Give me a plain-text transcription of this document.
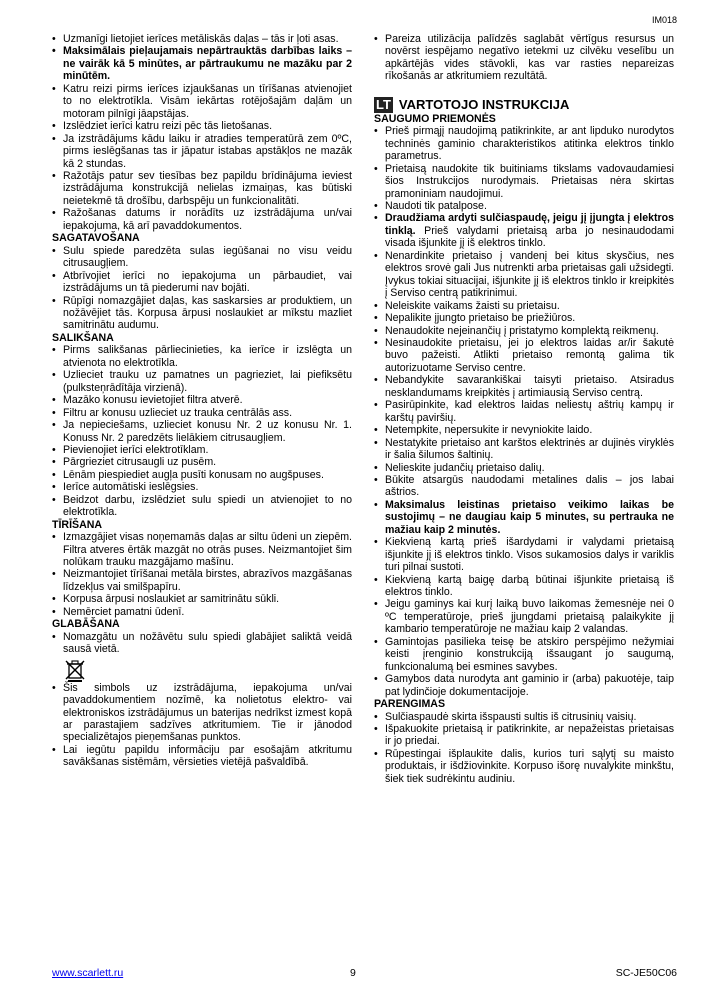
IM018
• Uzmanīgi lietojiet ierīces metāliskās daļas – tās ir ļoti asas.
• Maksimālais pieļaujamais nepārtrauktās darbības laiks – ne vairāk kā 5 minūtes, ar pārtraukumu ne mazāku par 2 minūtēm.
• Katru reizi pirms ierīces izjaukšanas un tīrīšanas atvienojiet to no elektrotīkla. Visām iekārtas rotējošajām daļām un motoram pilnīgi jāapstājas.
• Izslēdziet ierīci katru reizi pēc tās lietošanas.
• Ja izstrādājums kādu laiku ir atradies temperatūrā zem 0ºC, pirms ieslēgšanas tas ir jāpatur istabas apstākļos ne mazāk kā 2 stundas.
• Ražotājs patur sev tiesības bez papildu brīdinājuma ieviest izstrādājuma konstrukcijā nelielas izmaiņas, kas būtiski neietekmē tā drošību, darbspēju un funkcionalitāti.
• Ražošanas datums ir norādīts uz izstrādājuma un/vai iepakojuma, kā arī pavaddokumentos.
SAGATAVOŠANA
• Sulu spiede paredzēta sulas iegūšanai no visu veidu citrusaugļiem.
• Atbrīvojiet ierīci no iepakojuma un pārbaudiet, vai izstrādājums un tā piederumi nav bojāti.
• Rūpīgi nomazgājiet daļas, kas saskarsies ar produktiem, un nožāvējiet tās. Korpusa ārpusi noslaukiet ar mīkstu mazliet samitrinātu audumu.
SALIKŠANA
• Pirms salikšanas pārliecinieties, ka ierīce ir izslēgta un atvienota no elektrotīkla.
• Uzlieciet trauku uz pamatnes un pagrieziet, lai piefiksētu (pulksteņrādītāja virzienā).
• Mazāko konusu ievietojiet filtra atverē.
• Filtru ar konusu uzlieciet uz trauka centrālās ass.
• Ja nepieciešams, uzlieciet konusu Nr. 2 uz konusu Nr. 1. Konuss Nr. 2 paredzēts lielākiem citrusaugļiem.
• Pievienojiet ierīci elektrotīklam.
• Pārgrieziet citrusaugli uz pusēm.
• Lēnām piespiediet augļa pusīti konusam no augšpuses.
• Ierīce automātiski ieslēgsies.
• Beidzot darbu, izslēdziet sulu spiedi un atvienojiet to no elektrotīkla.
TĪRĪŠANA
• Izmazgājiet visas noņemamās daļas ar siltu ūdeni un ziepēm. Filtra atveres ērtāk mazgāt no otrās puses. Neizmantojiet šim nolūkam trauku mazgājamo mašīnu.
• Neizmantojiet tīrīšanai metāla birstes, abrazīvos mazgāšanas līdzekļus vai smilšpapīru.
• Korpusa ārpusi noslaukiet ar samitrinātu sūkli.
• Nemērciet pamatni ūdenī.
GLABĀŠANA
• Nomazgātu un nožāvētu sulu spiedi glabājiet saliktā veidā sausā vietā.
• Šis simbols uz izstrādājuma, iepakojuma un/vai pavaddokumentiem nozīmē, ka nolietotus elektro- vai elektroniskos izstrādājumus un baterijas nedrīkst izmest kopā ar parastajiem sadzīves atkritumiem. Tie ir jānodod specializētajos pieņemšanas punktos.
• Lai iegūtu papildu informāciju par esošajām atkritumu savākšanas sistēmām, vērsieties vietējā pašvaldībā.
• Pareiza utilizācija palīdzēs saglabāt vērtīgus resursus un novērst iespējamo negatīvo ietekmi uz cilvēku veselību un apkārtējās vides stāvokli, kas var rasties nepareizas rīkošanās ar atkritumiem rezultātā.
LT VARTOTOJO INSTRUKCIJA
SAUGUMO PRIEMONĖS
• Prieš pirmąjį naudojimą patikrinkite, ar ant lipduko nurodytos techninės gaminio charakteristikos atitinka elektros tinklo parametrus.
• Prietaisą naudokite tik buitiniams tikslams vadovaudamiesi šios Instrukcijos nurodymais. Prietaisas nėra skirtas pramoniniam naudojimui.
• Naudoti tik patalpose.
• Draudžiama ardyti sulčiaspaudę, jeigu jį įjungta į elektros tinklą. Prieš valydami prietaisą arba jo nesinaudodami visada išjunkite jį iš elektros tinklo.
• Nenardinkite prietaiso į vandenį bei kitus skysčius, nes elektros srovė gali Jus nutrenkti arba prietaisas gali užsidegti. Įvykus tokiai situacijai, išjunkite jį iš elektros tinklo ir kreipkitės į Serviso centrą patikrinimui.
• Neleiskite vaikams žaisti su prietaisu.
• Nepalikite įjungto prietaiso be priežiūros.
• Nenaudokite nejeinančių į pristatymo komplektą reikmenų.
• Nesinaudokite prietaisu, jei jo elektros laidas ar/ir šakutė buvo pažeisti. Atlikti prietaiso remontą galima tik autorizuotame Serviso centre.
• Nebandykite savarankiškai taisyti prietaiso. Atsiradus nesklandumams kreipkitės į artimiausią Serviso centrą.
• Pasirūpinkite, kad elektros laidas neliestų aštrių kampų ir karštų paviršių.
• Netempkite, nepersukite ir nevyniokite laido.
• Nestatykite prietaiso ant karštos elektrinės ar dujinės viryklės ir šalia šilumos šaltinių.
• Nelieskite judančių prietaiso dalių.
• Būkite atsargūs naudodami metalines dalis – jos labai aštrios.
• Maksimalus leistinas prietaiso veikimo laikas be sustojimų – ne daugiau kaip 5 minutes, su pertrauka ne mažiau kaip 2 minutės.
• Kiekvieną kartą prieš išardydami ir valydami prietaisą išjunkite jį iš elektros tinklo. Visos sukamosios dalys ir variklis turi pilnai sustoti.
• Kiekvieną kartą baigę darbą būtinai išjunkite prietaisą iš elektros tinklo.
• Jeigu gaminys kai kurį laiką buvo laikomas žemesnėje nei 0 ºC temperatūroje, prieš įjungdami prietaisą palaikykite jį kambario temperatūroje ne mažiau kaip 2 valandas.
• Gamintojas pasilieka teisę be atskiro perspėjimo nežymiai keisti įrenginio konstrukciją išsaugant jo saugumą, funkcionalumą bei esmines savybes.
• Gamybos data nurodyta ant gaminio ir (arba) pakuotėje, taip pat lydinčioje dokumentacijoje.
PARENGIMAS
• Sulčiaspaudė skirta išspausti sultis iš citrusinių vaisių.
• Išpakuokite prietaisą ir patikrinkite, ar nepažeistas prietaisas ir jo priedai.
• Rūpestingai išplaukite dalis, kurios turi sąlytį su maisto produktais, ir išdžiovinkite. Korpuso išorę nuvalykite minkštu, šiek tiek sudrėkintu audiniu.
www.scarlett.ru	9	SC-JE50C06
